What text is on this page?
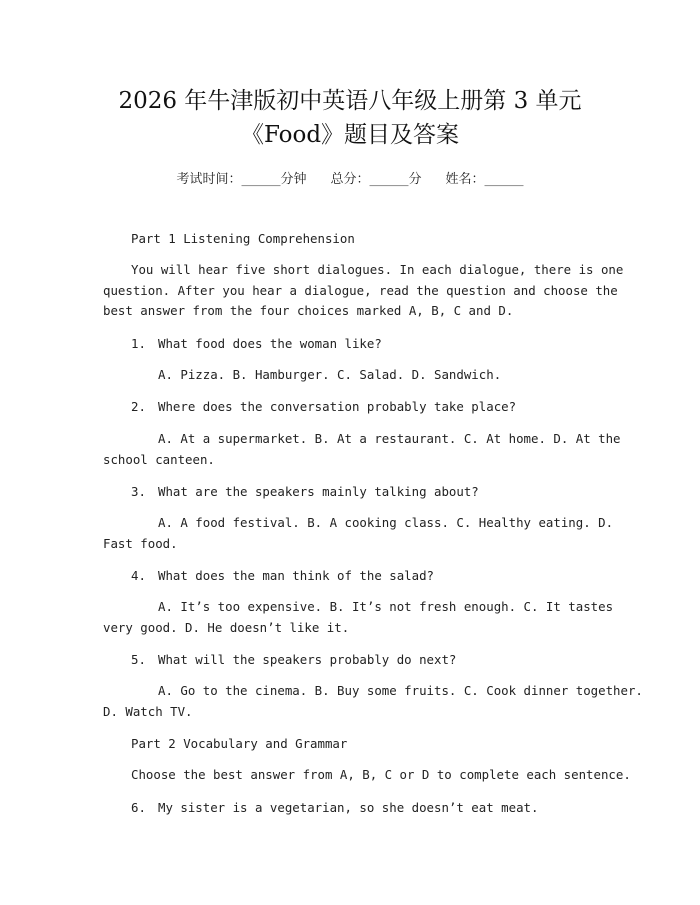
2026 年牛津版初中英语八年级上册第 3 单元
《Food》题目及答案
考试时间：______分钟 总分：______分 姓名：______
Part 1 Listening Comprehension
You will hear five short dialogues. In each dialogue, there is one
question. After you hear a dialogue, read the question and choose the
best answer from the four choices marked A, B, C and D.
1. What food does the woman like?
A. Pizza. B. Hamburger. C. Salad. D. Sandwich.
2. Where does the conversation probably take place?
A. At a supermarket. B. At a restaurant. C. At home. D. At the
school canteen.
3. What are the speakers mainly talking about?
A. A food festival. B. A cooking class. C. Healthy eating. D.
Fast food.
4. What does the man think of the salad?
A. It’s too expensive. B. It’s not fresh enough. C. It tastes
very good. D. He doesn’t like it.
5. What will the speakers probably do next?
A. Go to the cinema. B. Buy some fruits. C. Cook dinner together.
D. Watch TV.
Part 2 Vocabulary and Grammar
Choose the best answer from A, B, C or D to complete each sentence.
6. My sister is a vegetarian, so she doesn’t eat meat.
